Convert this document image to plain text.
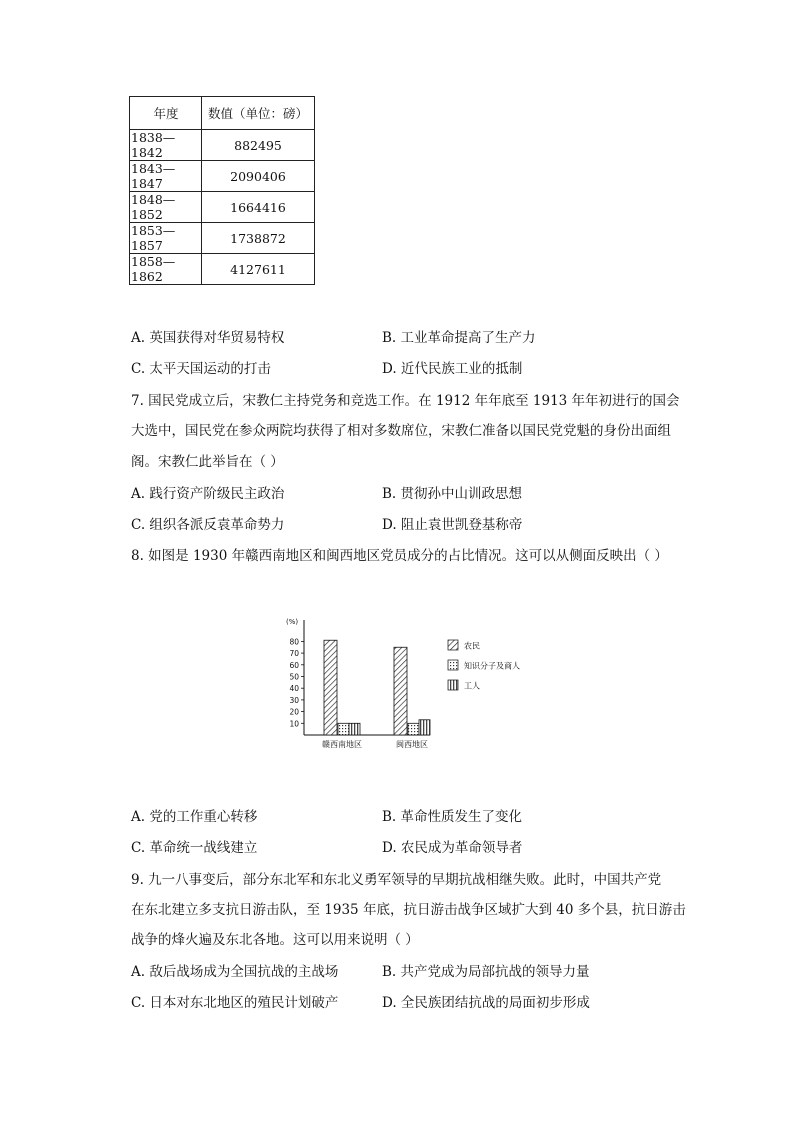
年度	数值（单位：磅）
1838—1842	882495
1843—1847	2090406
1848—1852	1664416
1853—1857	1738872
1858—1862	4127611
A. 英国获得对华贸易特权	B. 工业革命提高了生产力
C. 太平天国运动的打击	D. 近代民族工业的抵制
7. 国民党成立后，宋教仁主持党务和竞选工作。在 1912 年年底至 1913 年年初进行的国会
大选中，国民党在参众两院均获得了相对多数席位，宋教仁准备以国民党党魁的身份出面组
阁。宋教仁此举旨在（ ）
A. 践行资产阶级民主政治	B. 贯彻孙中山训政思想
C. 组织各派反袁革命势力	D. 阻止袁世凯登基称帝
8. 如图是 1930 年赣西南地区和闽西地区党员成分的占比情况。这可以从侧面反映出（ ）
(%)
10
20
30
40
50
60
70
80
赣西南地区	闽西地区
农民
知识分子及商人
工人
A. 党的工作重心转移	B. 革命性质发生了变化
C. 革命统一战线建立	D. 农民成为革命领导者
9. 九一八事变后，部分东北军和东北义勇军领导的早期抗战相继失败。此时，中国共产党
在东北建立多支抗日游击队，至 1935 年底，抗日游击战争区域扩大到 40 多个县，抗日游击
战争的烽火遍及东北各地。这可以用来说明（ ）
A. 敌后战场成为全国抗战的主战场	B. 共产党成为局部抗战的领导力量
C. 日本对东北地区的殖民计划破产	D. 全民族团结抗战的局面初步形成
